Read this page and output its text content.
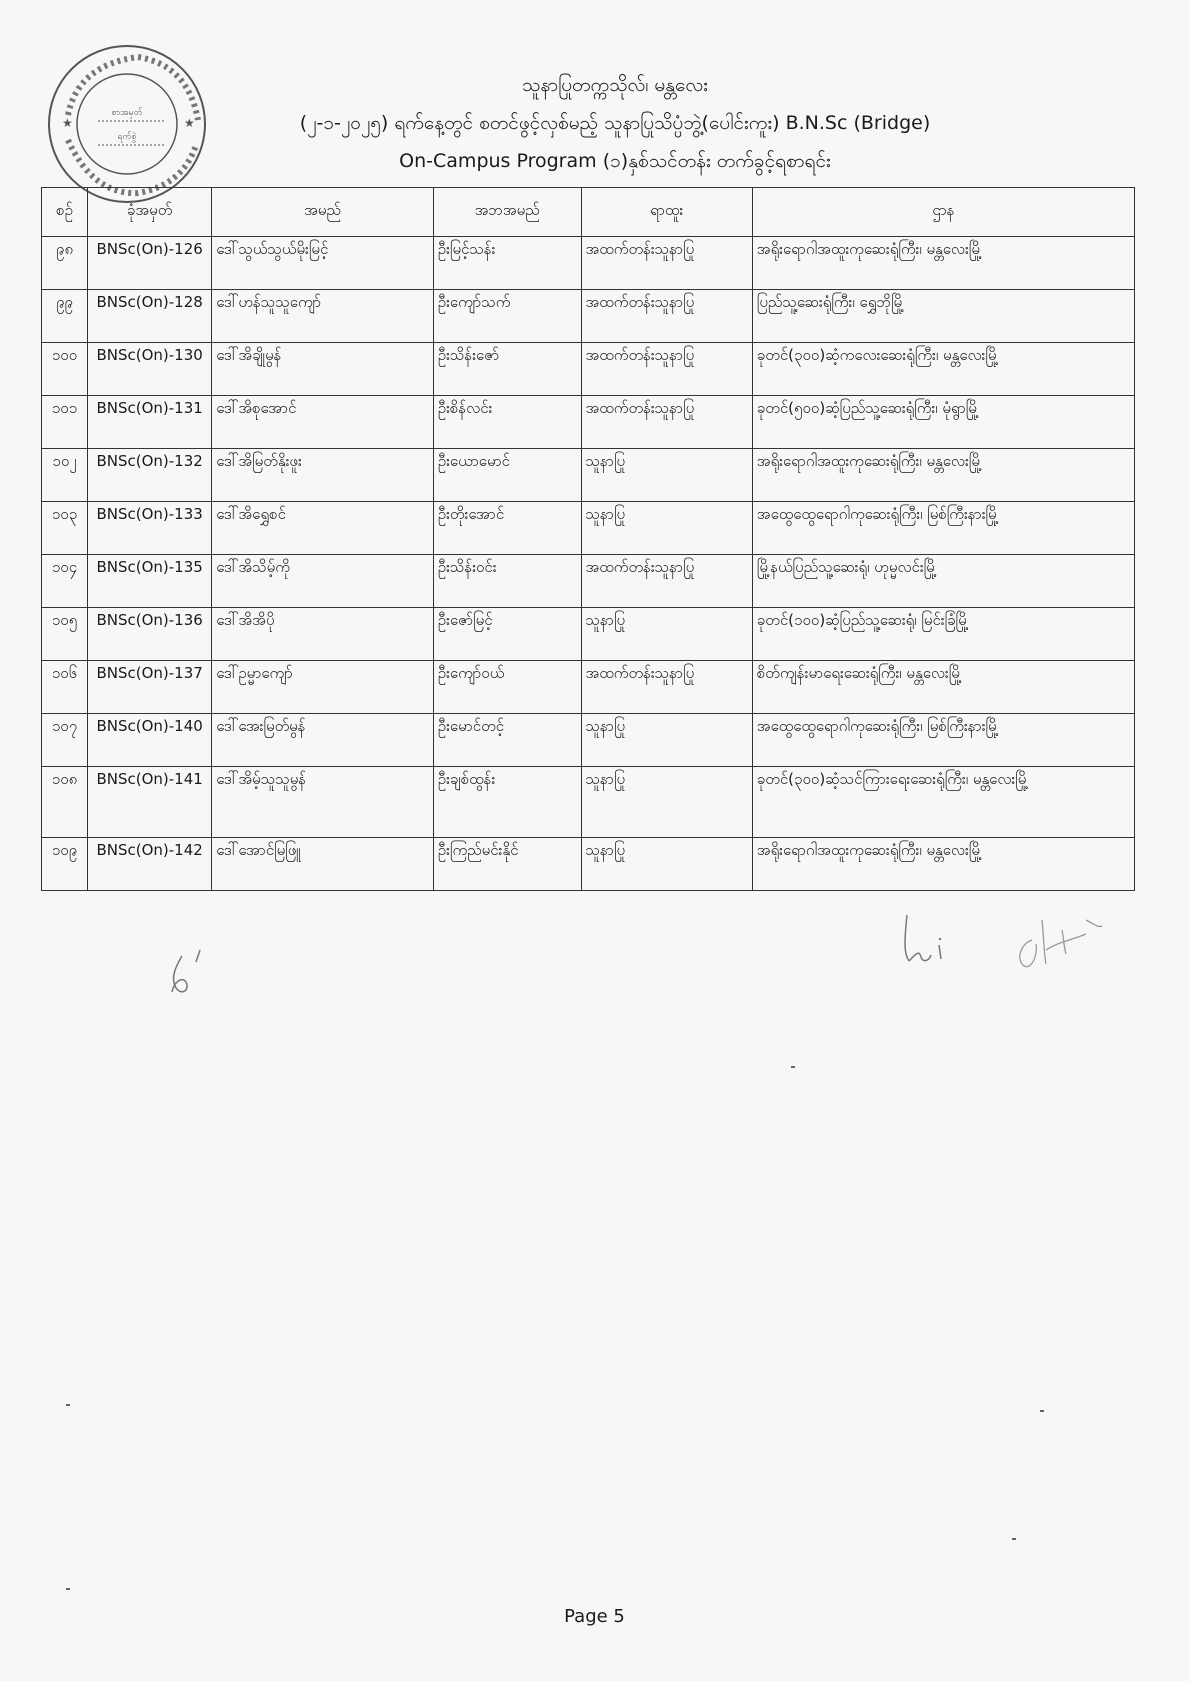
စာအမှတ်
ရက်စွဲ
★	★
သူနာပြုတက္ကသိုလ်၊ မန္တလေး
(၂-၁-၂၀၂၅) ရက်နေ့တွင် စတင်ဖွင့်လှစ်မည့် သူနာပြုသိပ္ပံဘွဲ့(ပေါင်းကူး) B.N.Sc (Bridge)
On-Campus Program (၁)နှစ်သင်တန်း တက်ခွင့်ရစာရင်း
စဉ်	ခုံအမှတ်	အမည်	အဘအမည်	ရာထူး	ဌာန
၉၈	BNSc(On)-126	ဒေါ်သွယ်သွယ်မိုးမြင့်	ဦးမြင့်သန်း	အထက်တန်းသူနာပြု	အရိုးရောဂါအထူးကုဆေးရုံကြီး၊ မန္တလေးမြို့
၉၉	BNSc(On)-128	ဒေါ်ဟန်သူသူကျော်	ဦးကျော်သက်	အထက်တန်းသူနာပြု	ပြည်သူ့ဆေးရုံကြီး၊ ရွှေဘိုမြို့
၁၀၀	BNSc(On)-130	ဒေါ်အိချိုမွန်	ဦးသိန်းဇော်	အထက်တန်းသူနာပြု	ခုတင်(၃၀၀)ဆံ့ကလေးဆေးရုံကြီး၊ မန္တလေးမြို့
၁၀၁	BNSc(On)-131	ဒေါ်အိစုအောင်	ဦးစိန်လင်း	အထက်တန်းသူနာပြု	ခုတင်(၅၀၀)ဆံ့ပြည်သူ့ဆေးရုံကြီး၊ မုံရွာမြို့
၁၀၂	BNSc(On)-132	ဒေါ်အိမြတ်နိုးဖူး	ဦးယောမောင်	သူနာပြု	အရိုးရောဂါအထူးကုဆေးရုံကြီး၊ မန္တလေးမြို့
၁၀၃	BNSc(On)-133	ဒေါ်အိရွှေစင်	ဦးတိုးအောင်	သူနာပြု	အထွေထွေရောဂါကုဆေးရုံကြီး၊ မြစ်ကြီးနားမြို့
၁၀၄	BNSc(On)-135	ဒေါ်အိသိမ့်ကို	ဦးသိန်းဝင်း	အထက်တန်းသူနာပြု	မြို့နယ်ပြည်သူ့ဆေးရုံ၊ ဟုမ္မလင်းမြို့
၁၀၅	BNSc(On)-136	ဒေါ်အိအိပို	ဦးဇော်မြင့်	သူနာပြု	ခုတင်(၁၀၀)ဆံ့ပြည်သူ့ဆေးရုံ၊ မြင်းခြံမြို့
၁၀၆	BNSc(On)-137	ဒေါ်ဥမ္မာကျော်	ဦးကျော်ဝယ်	အထက်တန်းသူနာပြု	စိတ်ကျန်းမာရေးဆေးရုံကြီး၊ မန္တလေးမြို့
၁၀၇	BNSc(On)-140	ဒေါ်အေးမြတ်မွန်	ဦးမောင်တင့်	သူနာပြု	အထွေထွေရောဂါကုဆေးရုံကြီး၊ မြစ်ကြီးနားမြို့
၁၀၈	BNSc(On)-141	ဒေါ်အိမ့်သူသူမွန်	ဦးချစ်ထွန်း	သူနာပြု	ခုတင်(၃၀၀)ဆံ့သင်ကြားရေးဆေးရုံကြီး၊ မန္တလေးမြို့
၁၀၉	BNSc(On)-142	ဒေါ်အောင်မြဖြူ	ဦးကြည်မင်းနိုင်	သူနာပြု	အရိုးရောဂါအထူးကုဆေးရုံကြီး၊ မန္တလေးမြို့
Page 5
